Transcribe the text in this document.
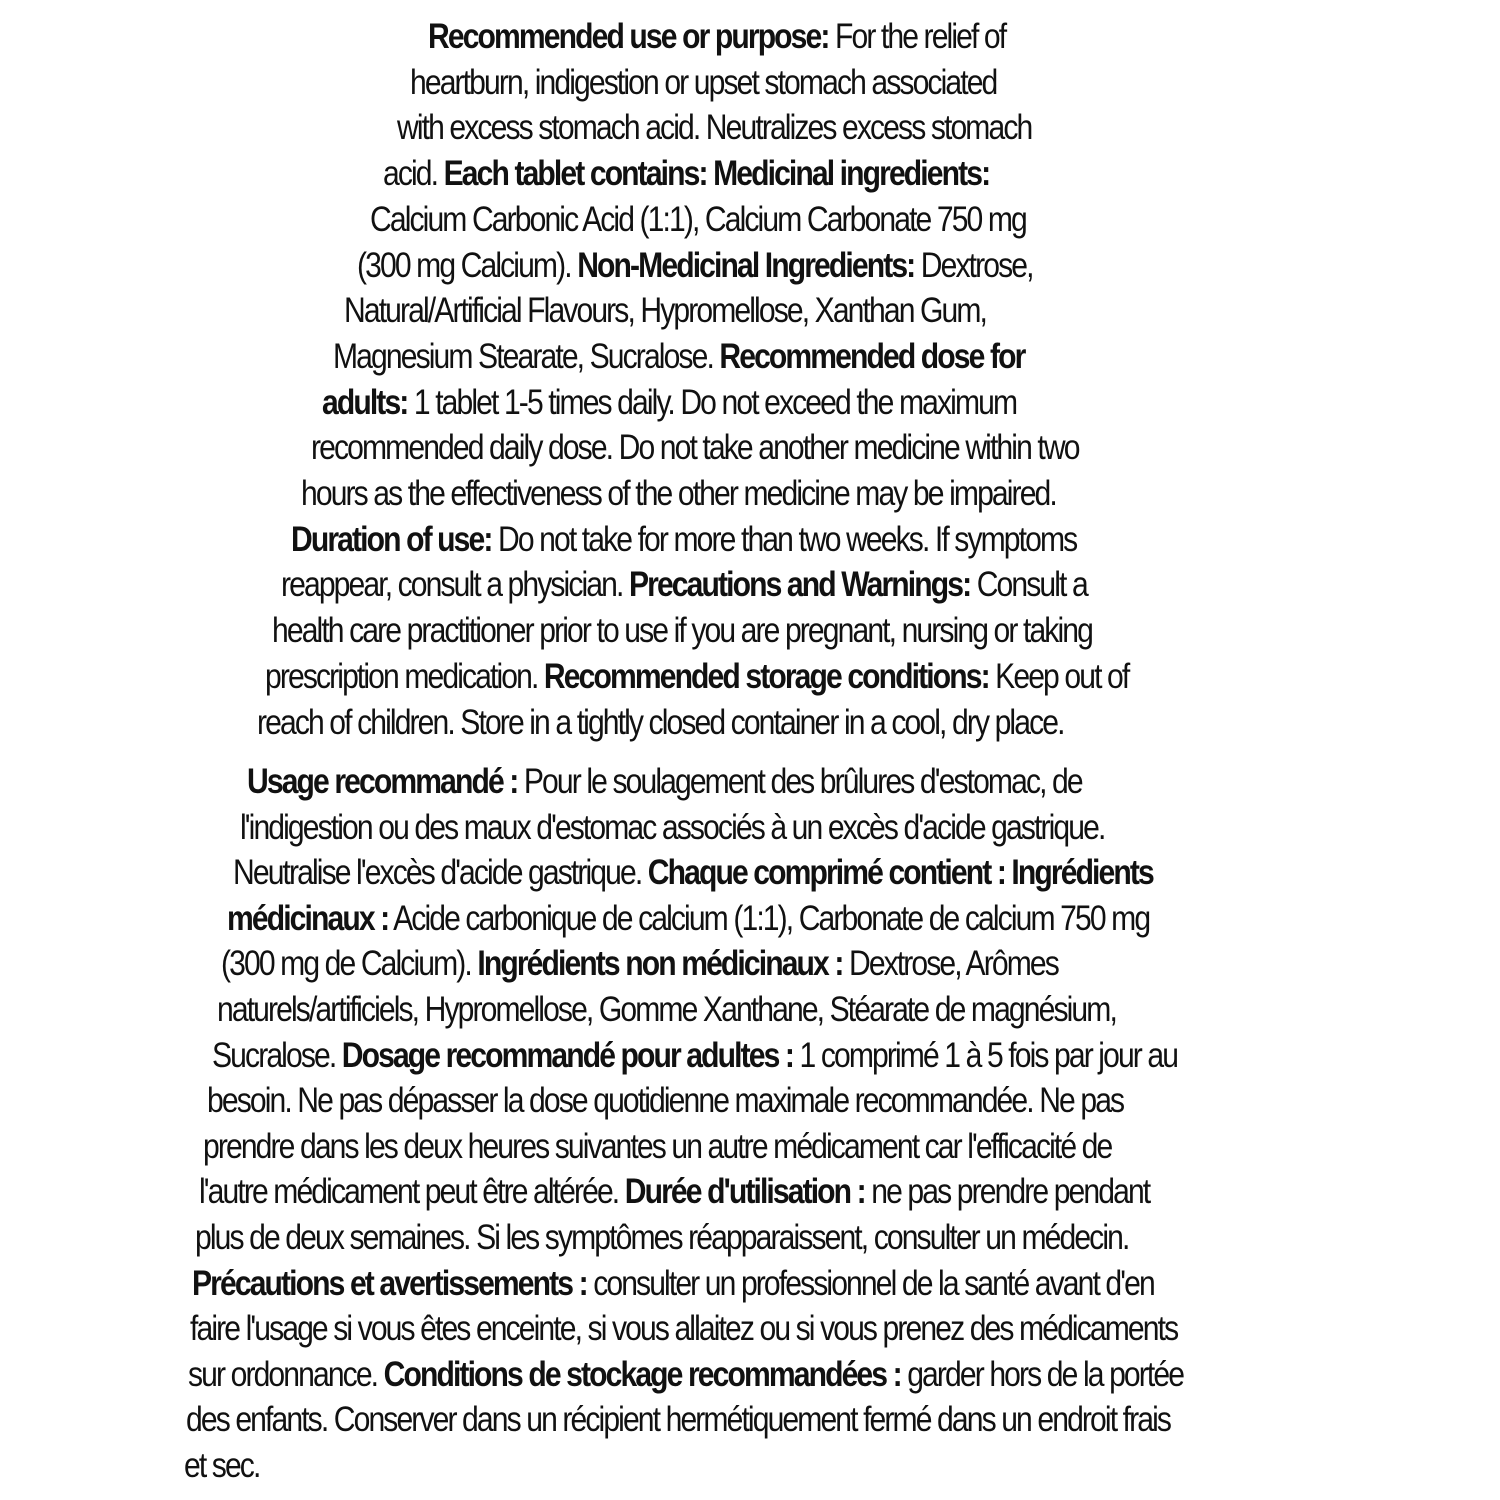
Recommended use or purpose: For the relief of
heartburn, indigestion or upset stomach associated
with excess stomach acid. Neutralizes excess stomach
acid. Each tablet contains: Medicinal ingredients:
Calcium Carbonic Acid (1:1), Calcium Carbonate 750 mg
(300 mg Calcium). Non-Medicinal Ingredients: Dextrose,
Natural/Artificial Flavours, Hypromellose, Xanthan Gum,
Magnesium Stearate, Sucralose. Recommended dose for
adults: 1 tablet 1-5 times daily. Do not exceed the maximum
recommended daily dose. Do not take another medicine within two
hours as the effectiveness of the other medicine may be impaired.
Duration of use: Do not take for more than two weeks. If symptoms
reappear, consult a physician. Precautions and Warnings: Consult a
health care practitioner prior to use if you are pregnant, nursing or taking
prescription medication. Recommended storage conditions: Keep out of
reach of children. Store in a tightly closed container in a cool, dry place.
Usage recommandé : Pour le soulagement des brûlures d'estomac, de
l'indigestion ou des maux d'estomac associés à un excès d'acide gastrique.
Neutralise l'excès d'acide gastrique. Chaque comprimé contient : Ingrédients
médicinaux : Acide carbonique de calcium (1:1), Carbonate de calcium 750 mg
(300 mg de Calcium). Ingrédients non médicinaux : Dextrose, Arômes
naturels/artificiels, Hypromellose, Gomme Xanthane, Stéarate de magnésium,
Sucralose. Dosage recommandé pour adultes : 1 comprimé 1 à 5 fois par jour au
besoin. Ne pas dépasser la dose quotidienne maximale recommandée. Ne pas
prendre dans les deux heures suivantes un autre médicament car l'efficacité de
l'autre médicament peut être altérée. Durée d'utilisation : ne pas prendre pendant
plus de deux semaines. Si les symptômes réapparaissent, consulter un médecin.
Précautions et avertissements : consulter un professionnel de la santé avant d'en
faire l'usage si vous êtes enceinte, si vous allaitez ou si vous prenez des médicaments
sur ordonnance. Conditions de stockage recommandées : garder hors de la portée
des enfants. Conserver dans un récipient hermétiquement fermé dans un endroit frais
et sec.
